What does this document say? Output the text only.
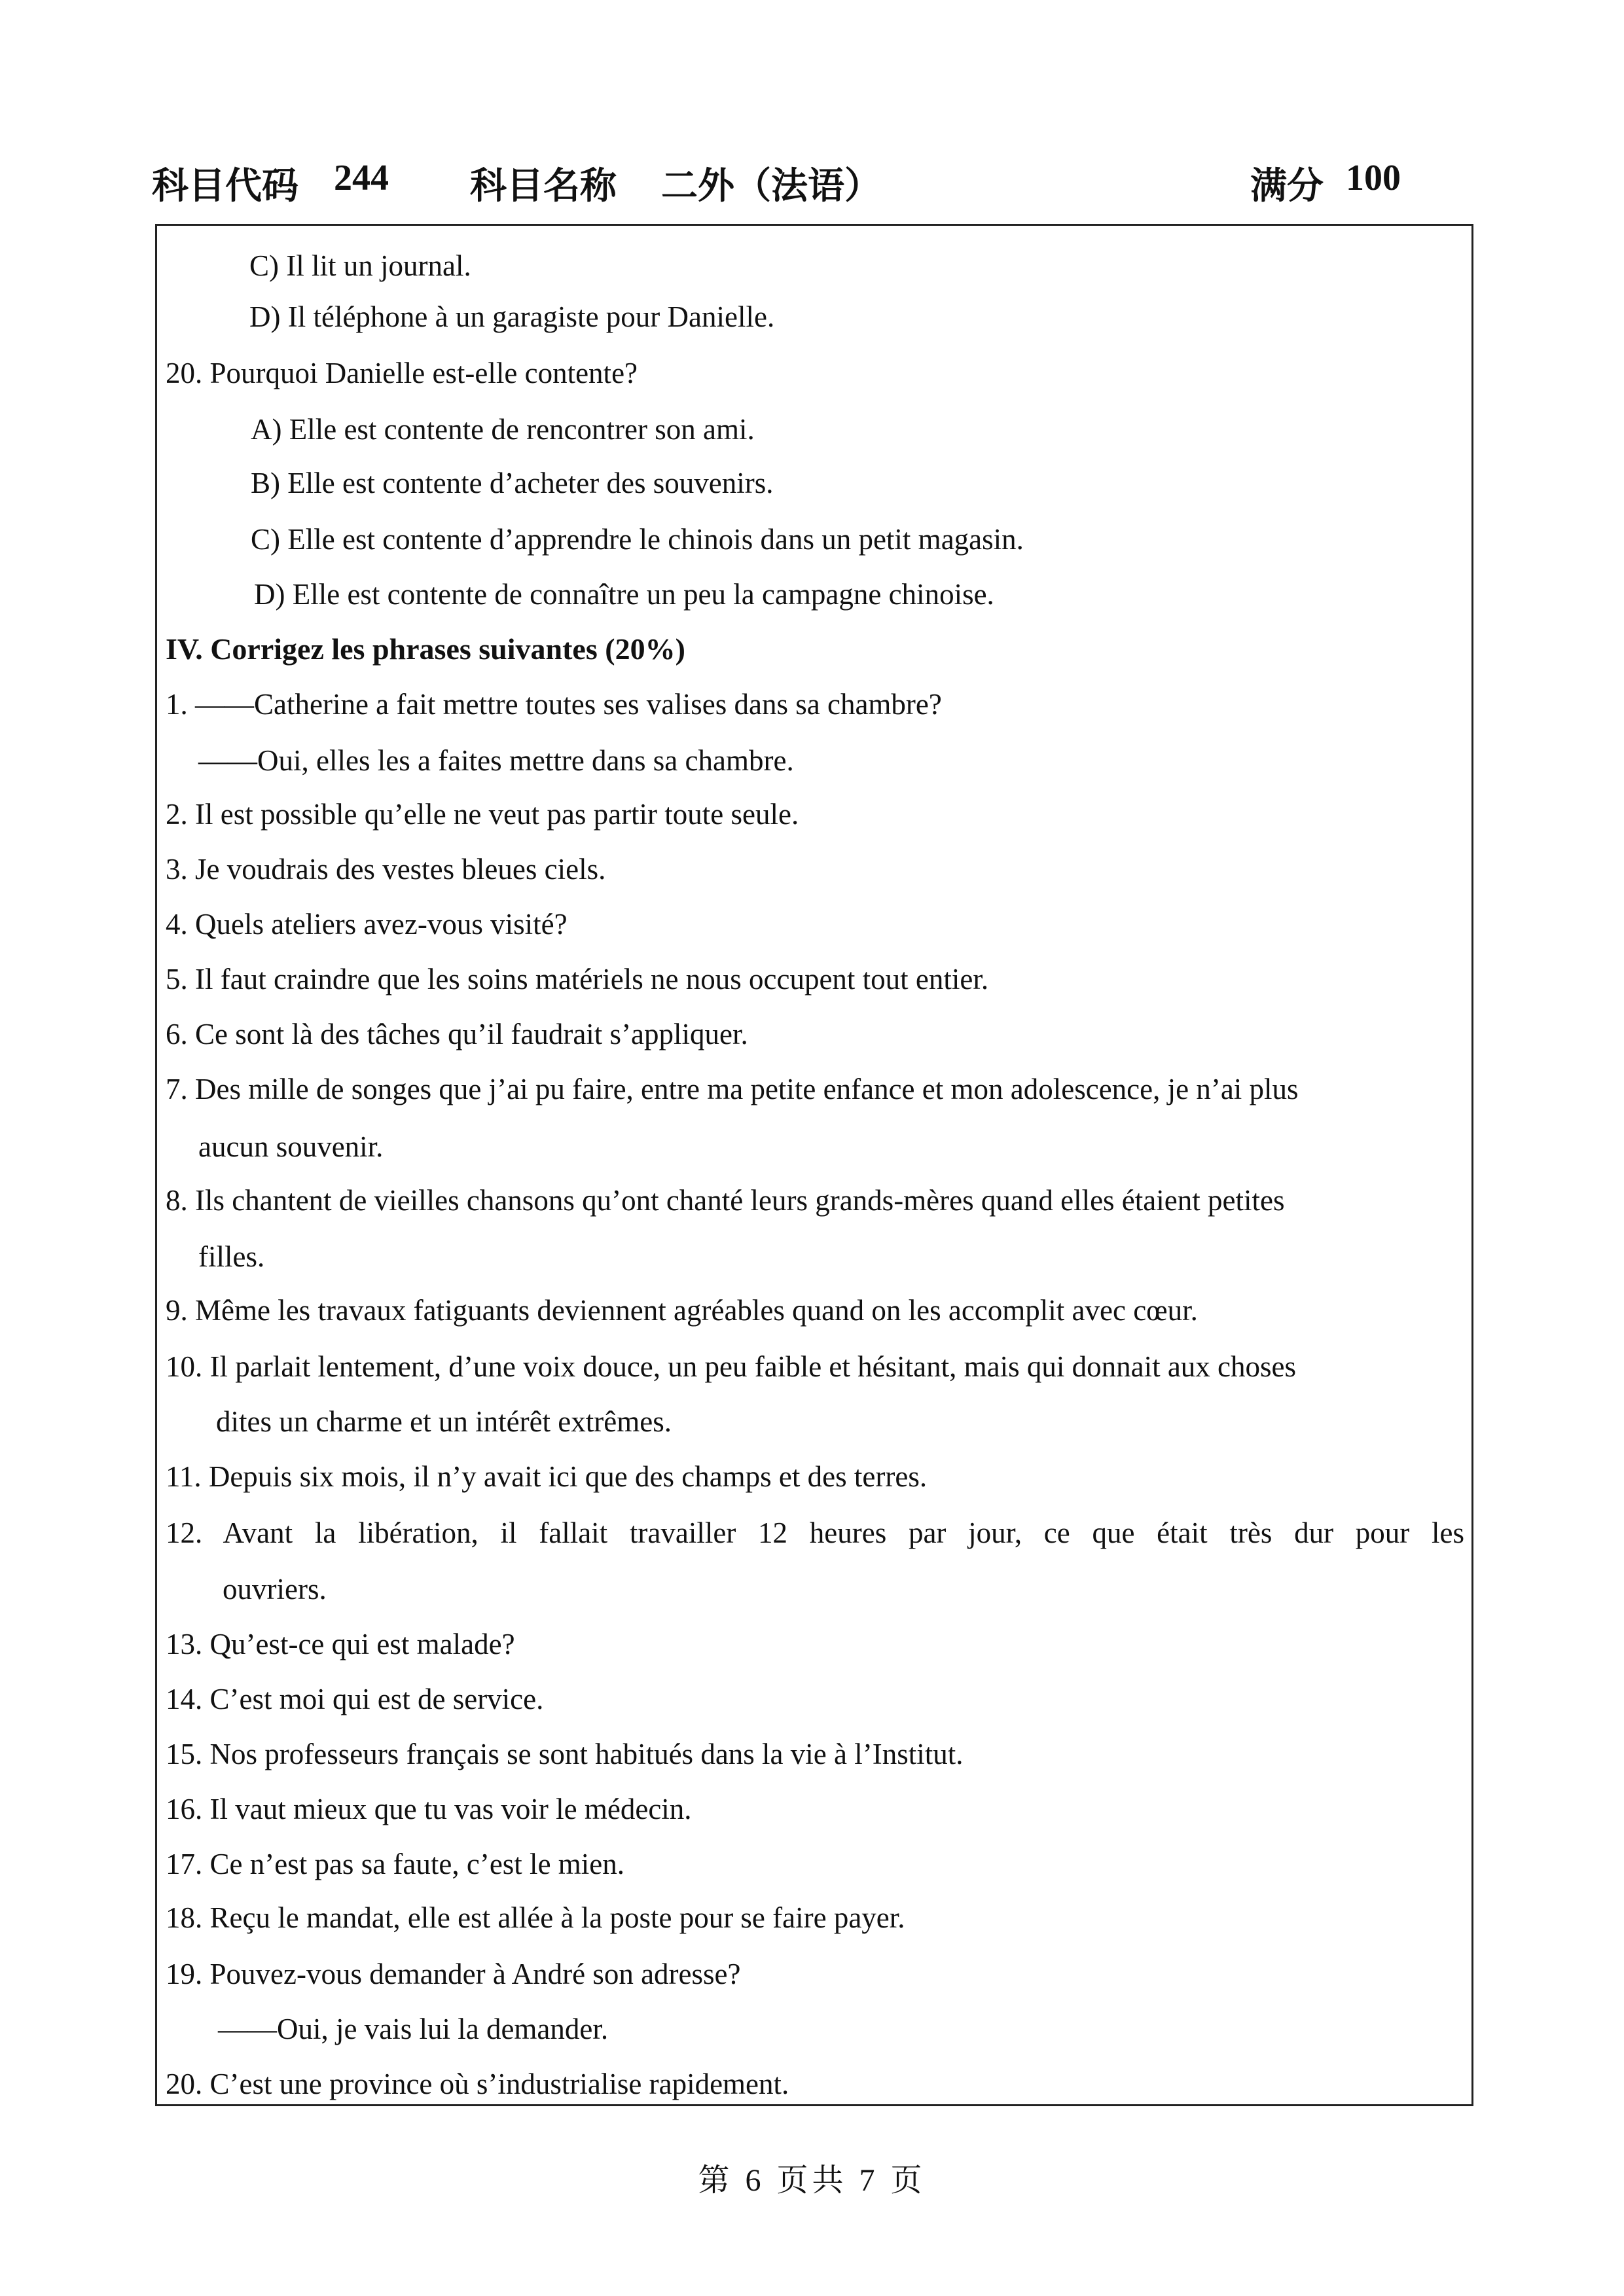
科目代码 244 科目名称 二外（法语）	满分 100
C) Il lit un journal.
D) Il téléphone à un garagiste pour Danielle.
20. Pourquoi Danielle est-elle contente?
A) Elle est contente de rencontrer son ami.
B) Elle est contente d’acheter des souvenirs.
C) Elle est contente d’apprendre le chinois dans un petit magasin.
D) Elle est contente de connaître un peu la campagne chinoise.
IV. Corrigez les phrases suivantes (20%)
1. ——Catherine a fait mettre toutes ses valises dans sa chambre?
——Oui, elles les a faites mettre dans sa chambre.
2. Il est possible qu’elle ne veut pas partir toute seule.
3. Je voudrais des vestes bleues ciels.
4. Quels ateliers avez-vous visité?
5. Il faut craindre que les soins matériels ne nous occupent tout entier.
6. Ce sont là des tâches qu’il faudrait s’appliquer.
7. Des mille de songes que j’ai pu faire, entre ma petite enfance et mon adolescence, je n’ai plus
aucun souvenir.
8. Ils chantent de vieilles chansons qu’ont chanté leurs grands-mères quand elles étaient petites
filles.
9. Même les travaux fatiguants deviennent agréables quand on les accomplit avec cœur.
10. Il parlait lentement, d’une voix douce, un peu faible et hésitant, mais qui donnait aux choses
dites un charme et un intérêt extrêmes.
11. Depuis six mois, il n’y avait ici que des champs et des terres.
12. Avant la libération, il fallait travailler 12 heures par jour, ce que était très dur pour les
ouvriers.
13. Qu’est-ce qui est malade?
14. C’est moi qui est de service.
15. Nos professeurs français se sont habitués dans la vie à l’Institut.
16. Il vaut mieux que tu vas voir le médecin.
17. Ce n’est pas sa faute, c’est le mien.
18. Reçu le mandat, elle est allée à la poste pour se faire payer.
19. Pouvez-vous demander à André son adresse?
——Oui, je vais lui la demander.
20. C’est une province où s’industrialise rapidement.
第 6 页共 7 页
